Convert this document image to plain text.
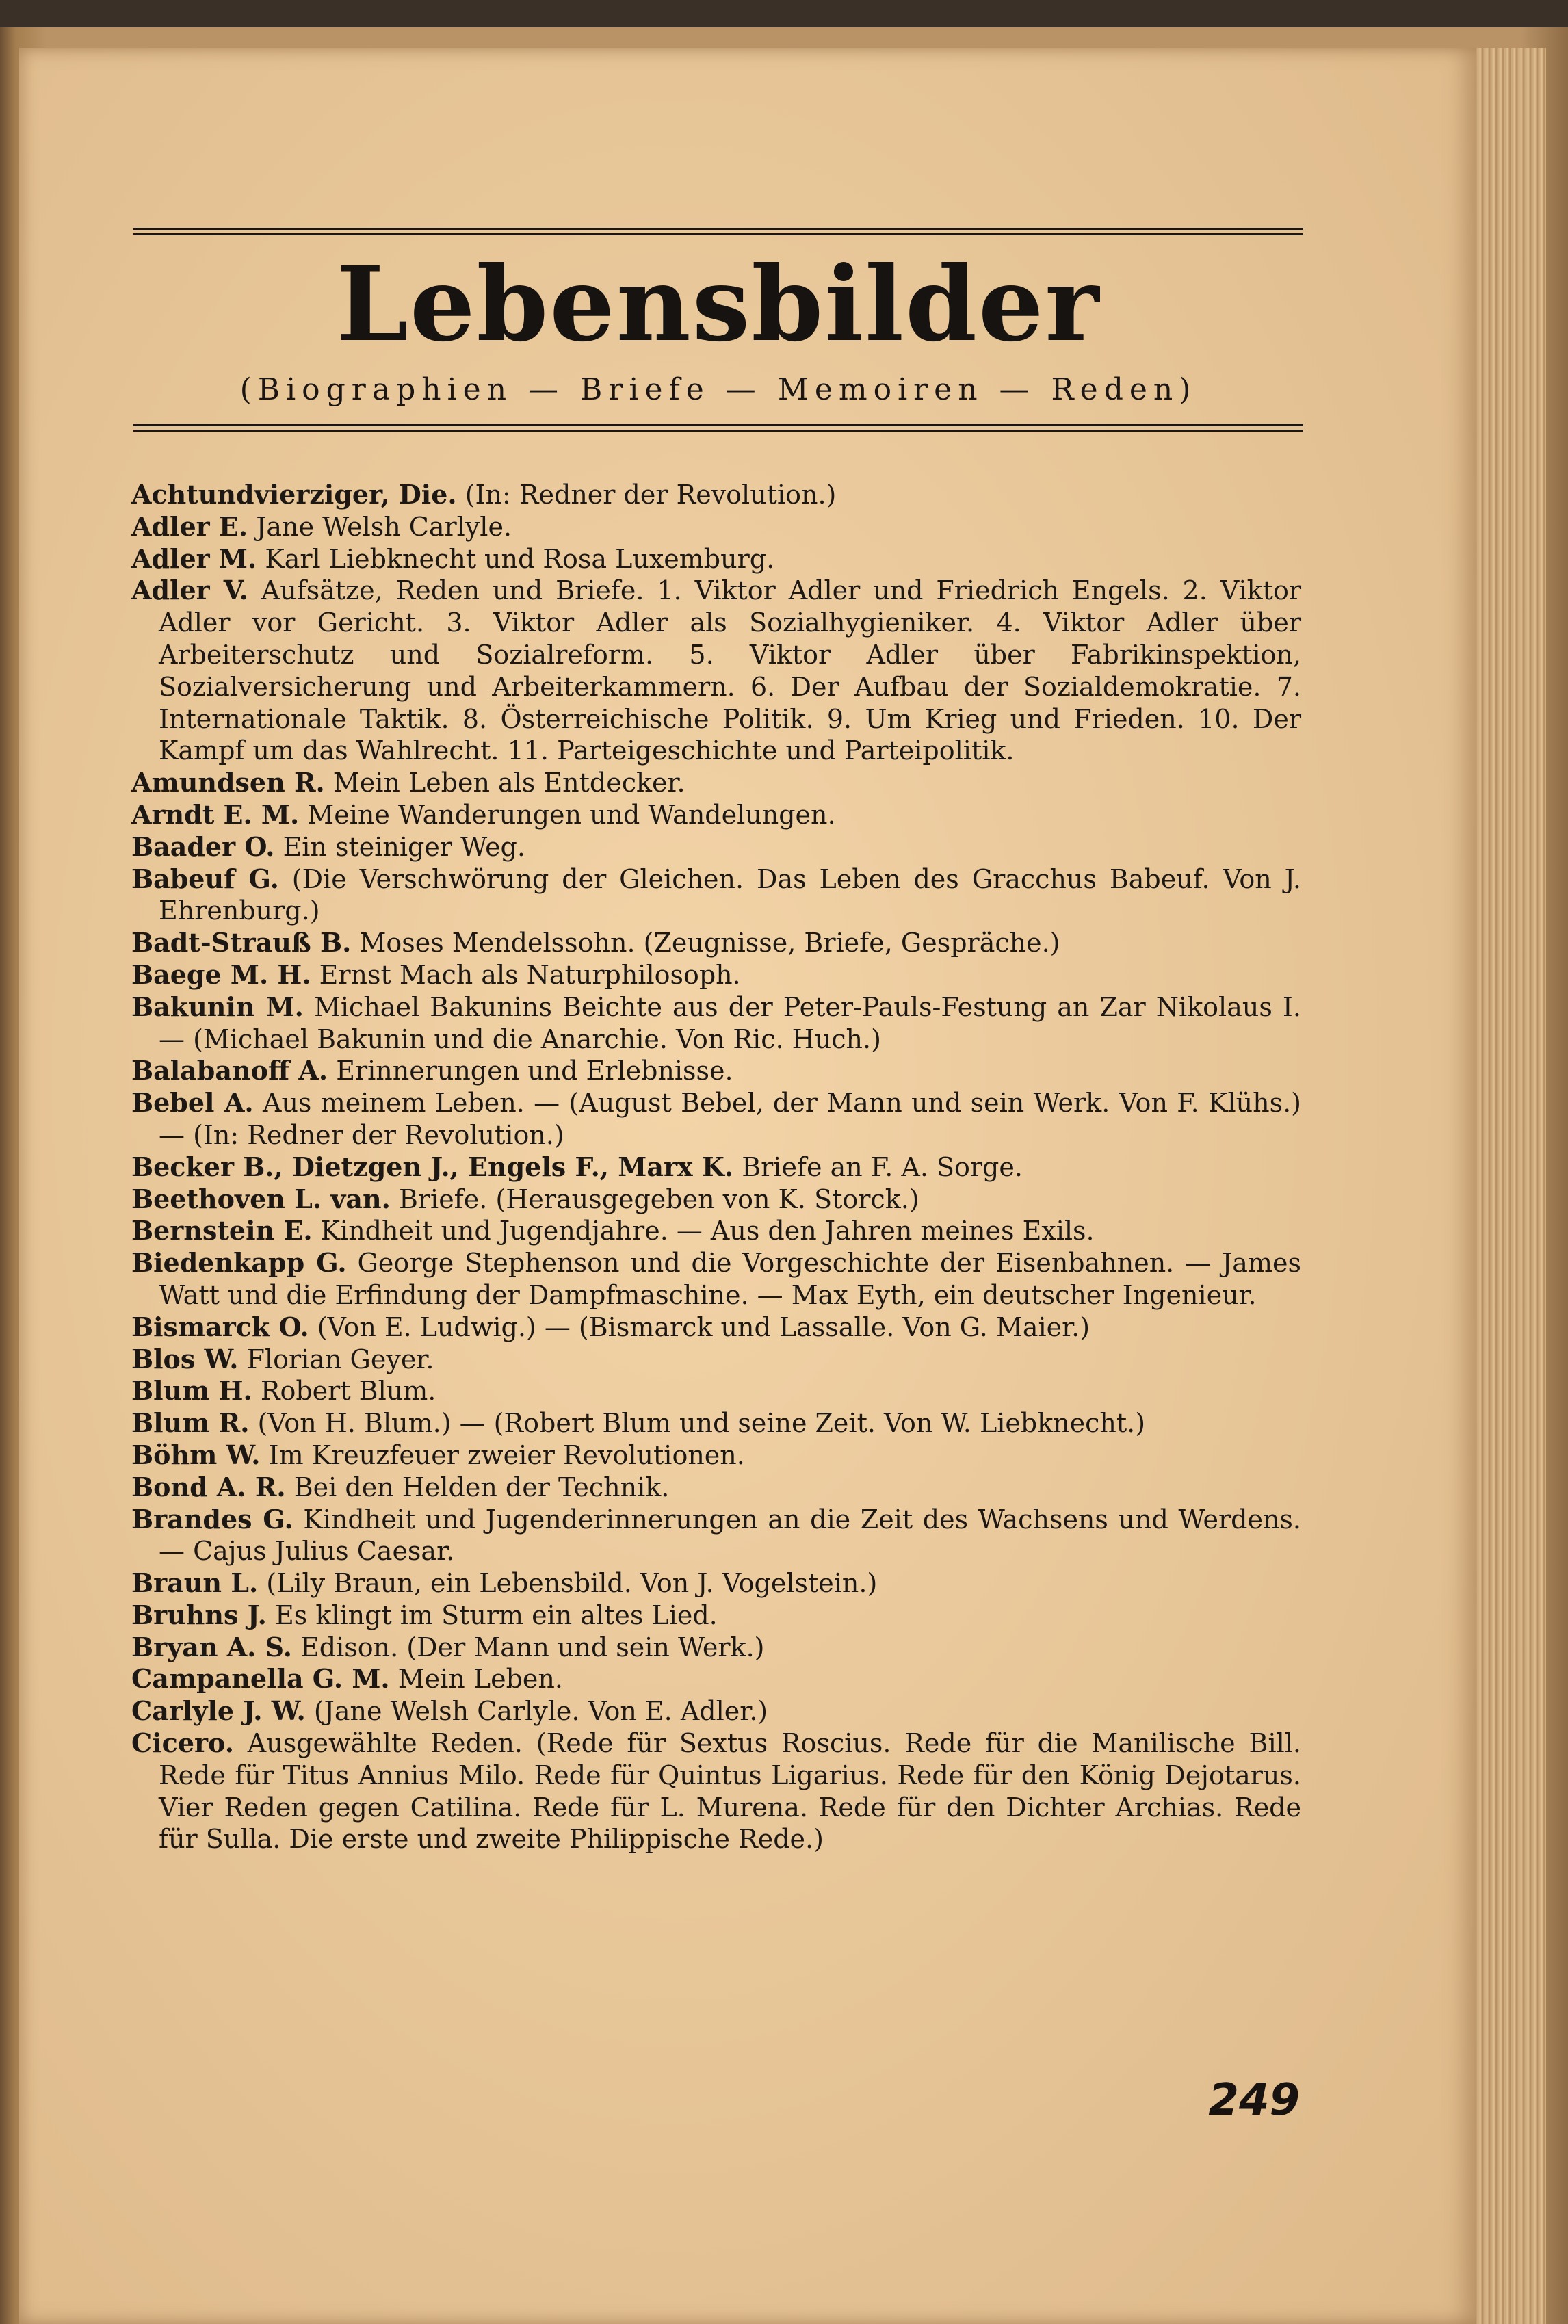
Lebensbilder
(Biographien — Briefe — Memoiren — Reden)

Achtundvierziger, Die. (In: Redner der Revolution.)

Adler E. Jane Welsh Carlyle.

Adler M. Karl Liebknecht und Rosa Luxemburg.

Adler V. Aufsätze, Reden und Briefe. 1. Viktor Adler und Friedrich Engels. 2. Viktor Adler vor Gericht. 3. Viktor Adler als Sozialhygieniker. 4. Viktor Adler über Arbeiterschutz und Sozialreform. 5. Viktor Adler über Fabrikinspektion, Sozialversicherung und Arbeiterkammern. 6. Der Aufbau der Sozialdemokratie. 7. Internationale Taktik. 8. Österreichische Politik. 9. Um Krieg und Frieden. 10. Der Kampf um das Wahlrecht. 11. Parteigeschichte und Parteipolitik.

Amundsen R. Mein Leben als Entdecker.

Arndt E. M. Meine Wanderungen und Wandelungen.

Baader O. Ein steiniger Weg.

Babeuf G. (Die Verschwörung der Gleichen. Das Leben des Gracchus Babeuf. Von J. Ehrenburg.)

Badt-Strauß B. Moses Mendelssohn. (Zeugnisse, Briefe, Gespräche.)

Baege M. H. Ernst Mach als Naturphilosoph.

Bakunin M. Michael Bakunins Beichte aus der Peter-Pauls-Festung an Zar Nikolaus I. — (Michael Bakunin und die Anarchie. Von Ric. Huch.)

Balabanoff A. Erinnerungen und Erlebnisse.

Bebel A. Aus meinem Leben. — (August Bebel, der Mann und sein Werk. Von F. Klühs.) — (In: Redner der Revolution.)

Becker B., Dietzgen J., Engels F., Marx K. Briefe an F. A. Sorge.

Beethoven L. van. Briefe. (Herausgegeben von K. Storck.)

Bernstein E. Kindheit und Jugendjahre. — Aus den Jahren meines Exils.

Biedenkapp G. George Stephenson und die Vorgeschichte der Eisenbahnen. — James Watt und die Erfindung der Dampfmaschine. — Max Eyth, ein deutscher Ingenieur.

Bismarck O. (Von E. Ludwig.) — (Bismarck und Lassalle. Von G. Maier.)

Blos W. Florian Geyer.

Blum H. Robert Blum.

Blum R. (Von H. Blum.) — (Robert Blum und seine Zeit. Von W. Liebknecht.)

Böhm W. Im Kreuzfeuer zweier Revolutionen.

Bond A. R. Bei den Helden der Technik.

Brandes G. Kindheit und Jugenderinnerungen an die Zeit des Wachsens und Werdens. — Cajus Julius Caesar.

Braun L. (Lily Braun, ein Lebensbild. Von J. Vogelstein.)

Bruhns J. Es klingt im Sturm ein altes Lied.

Bryan A. S. Edison. (Der Mann und sein Werk.)

Campanella G. M. Mein Leben.

Carlyle J. W. (Jane Welsh Carlyle. Von E. Adler.)

Cicero. Ausgewählte Reden. (Rede für Sextus Roscius. Rede für die Manilische Bill. Rede für Titus Annius Milo. Rede für Quintus Ligarius. Rede für den König Dejotarus. Vier Reden gegen Catilina. Rede für L. Murena. Rede für den Dichter Archias. Rede für Sulla. Die erste und zweite Philippische Rede.)

249
